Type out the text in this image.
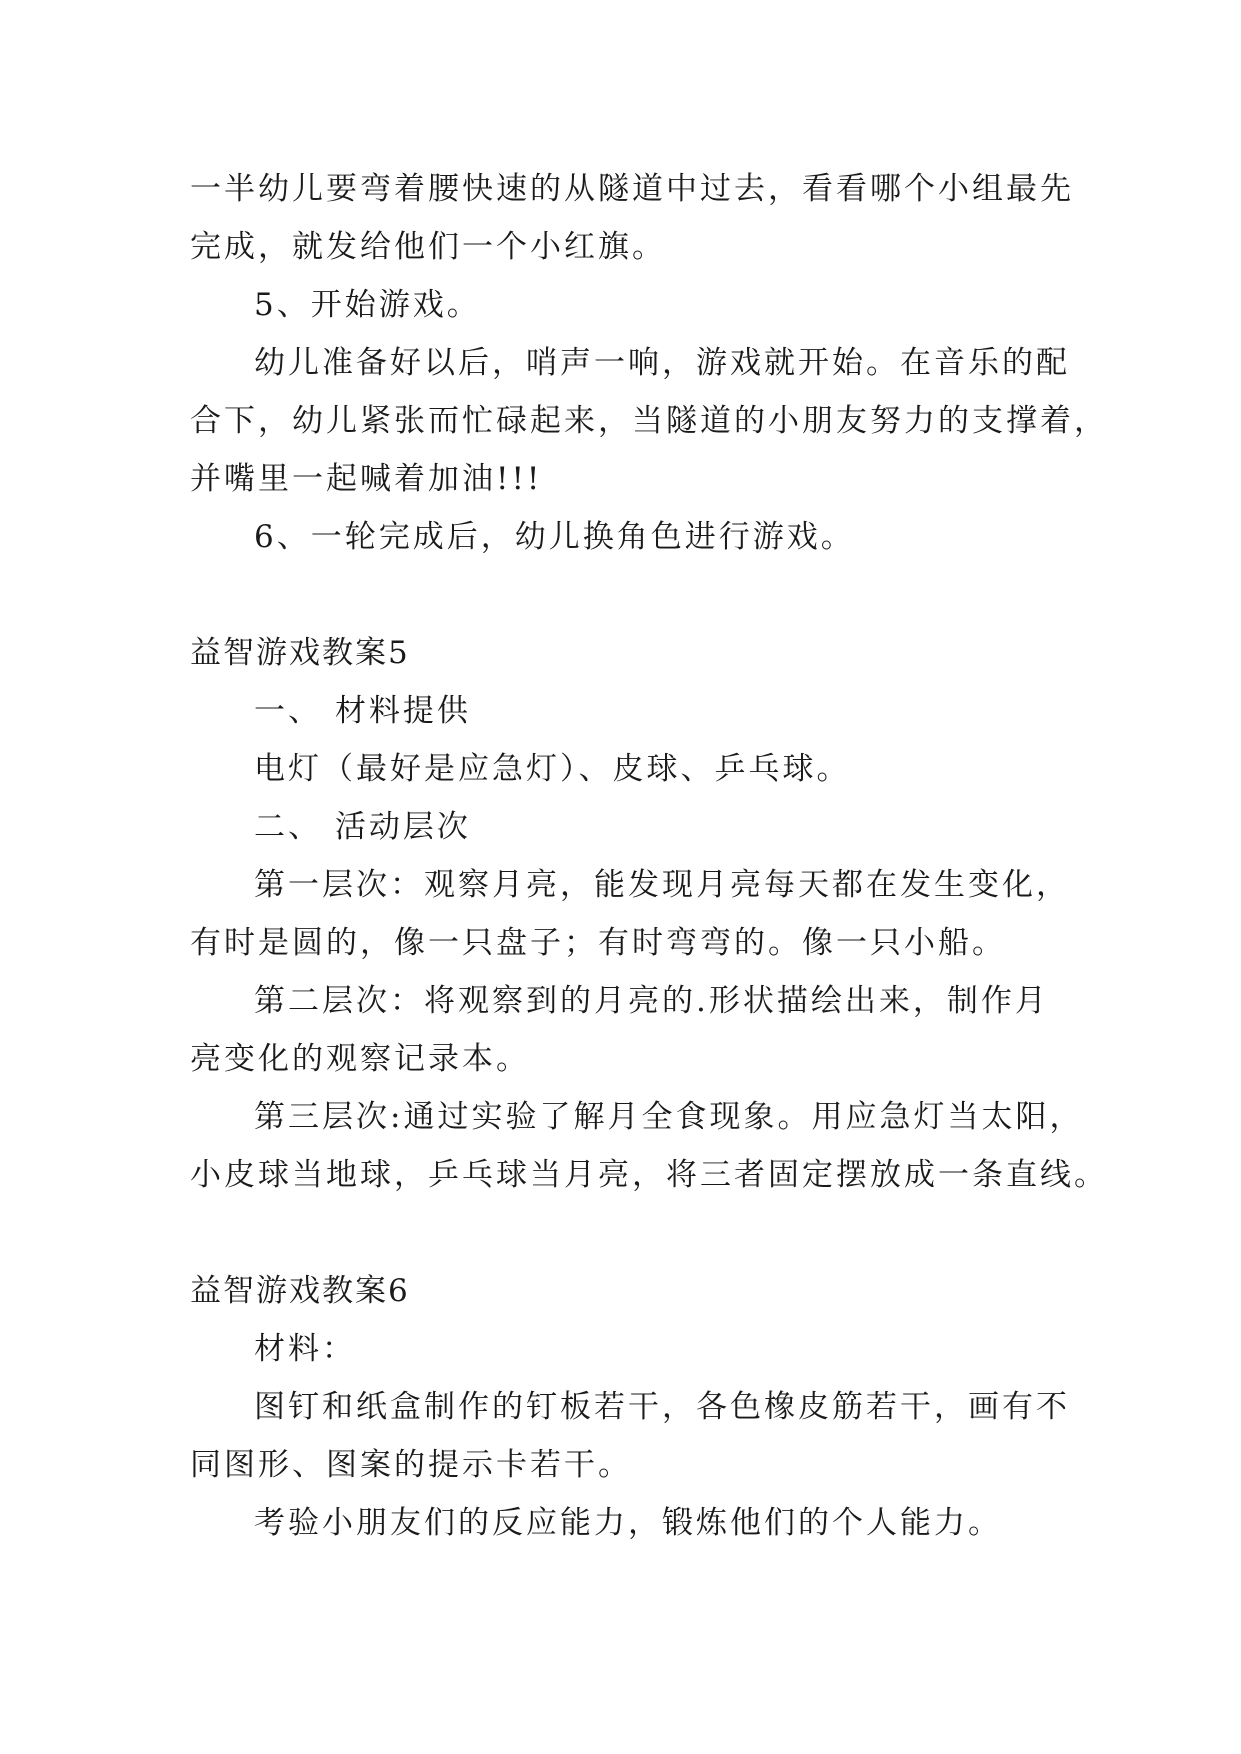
一半幼儿要弯着腰快速的从隧道中过去，看看哪个小组最先
完成，就发给他们一个小红旗。
5、开始游戏。
幼儿准备好以后，哨声一响，游戏就开始。在音乐的配
合下，幼儿紧张而忙碌起来，当隧道的小朋友努力的支撑着，
并嘴里一起喊着加油!!!
6、一轮完成后，幼儿换角色进行游戏。
益智游戏教案5
一、 材料提供
电灯（最好是应急灯）、皮球、乒乓球。
二、 活动层次
第一层次：观察月亮，能发现月亮每天都在发生变化，
有时是圆的，像一只盘子；有时弯弯的。像一只小船。
第二层次：将观察到的月亮的.形状描绘出来，制作月
亮变化的观察记录本。
第三层次:通过实验了解月全食现象。用应急灯当太阳，
小皮球当地球，乒乓球当月亮，将三者固定摆放成一条直线。
益智游戏教案6
材料：
图钉和纸盒制作的钉板若干，各色橡皮筋若干，画有不
同图形、图案的提示卡若干。
考验小朋友们的反应能力，锻炼他们的个人能力。
